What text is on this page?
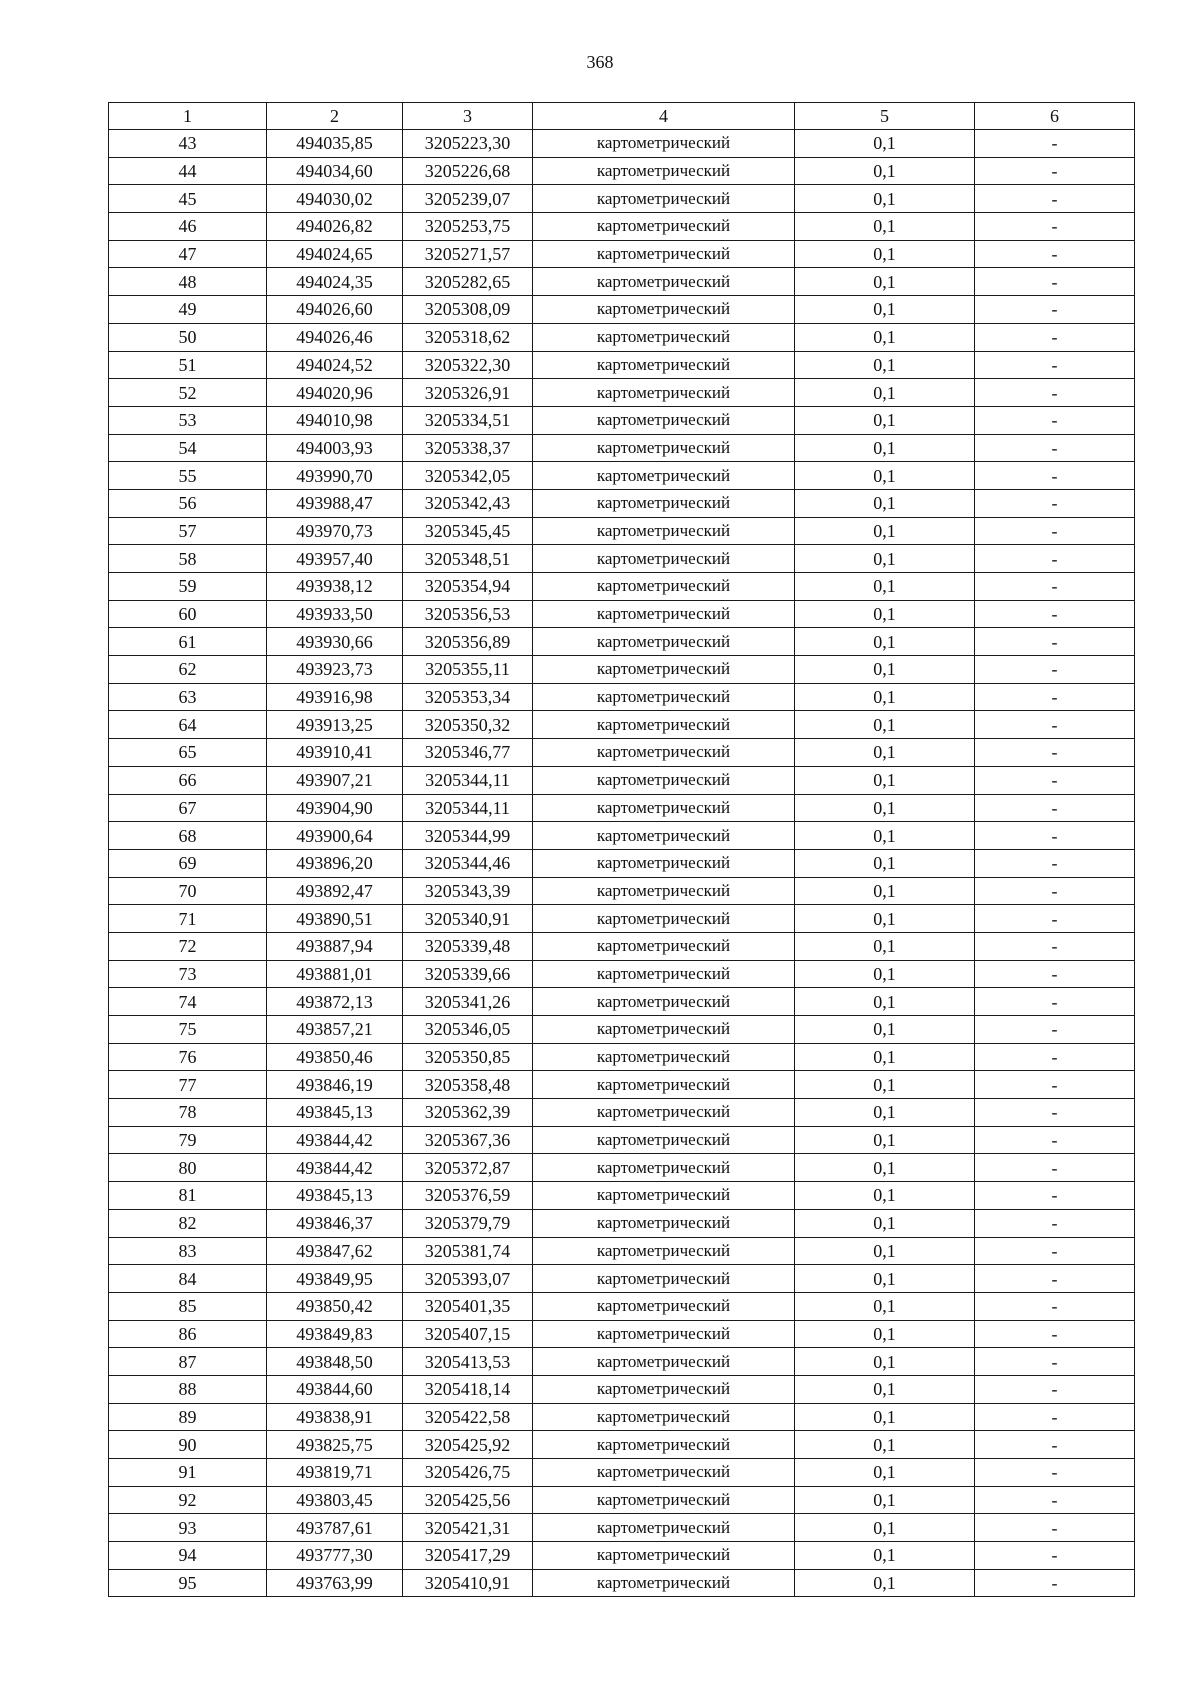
368
1	2	3	4	5	6
43	494035,85	3205223,30	картометрический	0,1	-
44	494034,60	3205226,68	картометрический	0,1	-
45	494030,02	3205239,07	картометрический	0,1	-
46	494026,82	3205253,75	картометрический	0,1	-
47	494024,65	3205271,57	картометрический	0,1	-
48	494024,35	3205282,65	картометрический	0,1	-
49	494026,60	3205308,09	картометрический	0,1	-
50	494026,46	3205318,62	картометрический	0,1	-
51	494024,52	3205322,30	картометрический	0,1	-
52	494020,96	3205326,91	картометрический	0,1	-
53	494010,98	3205334,51	картометрический	0,1	-
54	494003,93	3205338,37	картометрический	0,1	-
55	493990,70	3205342,05	картометрический	0,1	-
56	493988,47	3205342,43	картометрический	0,1	-
57	493970,73	3205345,45	картометрический	0,1	-
58	493957,40	3205348,51	картометрический	0,1	-
59	493938,12	3205354,94	картометрический	0,1	-
60	493933,50	3205356,53	картометрический	0,1	-
61	493930,66	3205356,89	картометрический	0,1	-
62	493923,73	3205355,11	картометрический	0,1	-
63	493916,98	3205353,34	картометрический	0,1	-
64	493913,25	3205350,32	картометрический	0,1	-
65	493910,41	3205346,77	картометрический	0,1	-
66	493907,21	3205344,11	картометрический	0,1	-
67	493904,90	3205344,11	картометрический	0,1	-
68	493900,64	3205344,99	картометрический	0,1	-
69	493896,20	3205344,46	картометрический	0,1	-
70	493892,47	3205343,39	картометрический	0,1	-
71	493890,51	3205340,91	картометрический	0,1	-
72	493887,94	3205339,48	картометрический	0,1	-
73	493881,01	3205339,66	картометрический	0,1	-
74	493872,13	3205341,26	картометрический	0,1	-
75	493857,21	3205346,05	картометрический	0,1	-
76	493850,46	3205350,85	картометрический	0,1	-
77	493846,19	3205358,48	картометрический	0,1	-
78	493845,13	3205362,39	картометрический	0,1	-
79	493844,42	3205367,36	картометрический	0,1	-
80	493844,42	3205372,87	картометрический	0,1	-
81	493845,13	3205376,59	картометрический	0,1	-
82	493846,37	3205379,79	картометрический	0,1	-
83	493847,62	3205381,74	картометрический	0,1	-
84	493849,95	3205393,07	картометрический	0,1	-
85	493850,42	3205401,35	картометрический	0,1	-
86	493849,83	3205407,15	картометрический	0,1	-
87	493848,50	3205413,53	картометрический	0,1	-
88	493844,60	3205418,14	картометрический	0,1	-
89	493838,91	3205422,58	картометрический	0,1	-
90	493825,75	3205425,92	картометрический	0,1	-
91	493819,71	3205426,75	картометрический	0,1	-
92	493803,45	3205425,56	картометрический	0,1	-
93	493787,61	3205421,31	картометрический	0,1	-
94	493777,30	3205417,29	картометрический	0,1	-
95	493763,99	3205410,91	картометрический	0,1	-
